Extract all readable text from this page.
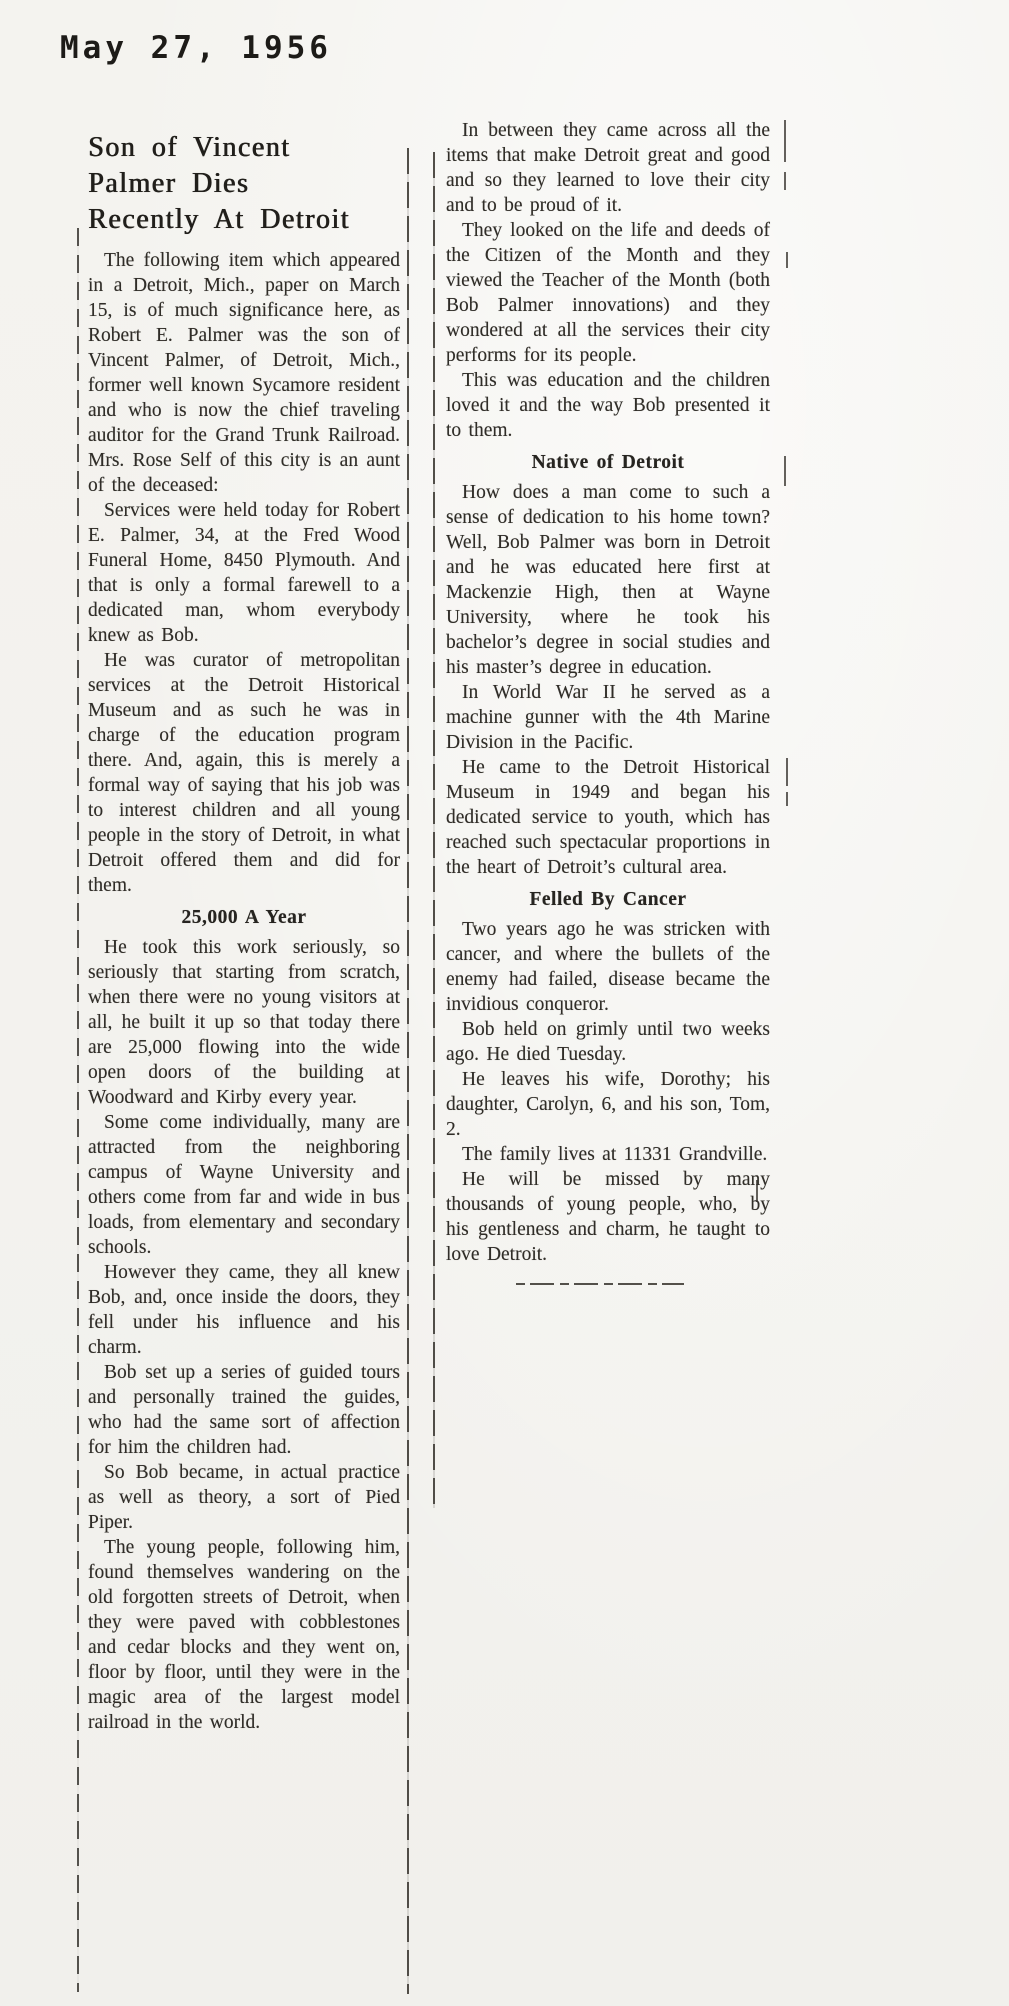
May 27, 1956
Son of Vincent
Palmer Dies
Recently At Detroit

The following item which appeared in a Detroit, Mich., paper on March 15, is of much significance here, as Robert E. Palmer was the son of Vincent Palmer, of Detroit, Mich., former well known Sycamore resident and who is now the chief traveling auditor for the Grand Trunk Railroad. Mrs. Rose Self of this city is an aunt of the deceased:

Services were held today for Robert E. Palmer, 34, at the Fred Wood Funeral Home, 8450 Plymouth. And that is only a formal farewell to a dedicated man, whom everybody knew as Bob.

He was curator of metropolitan services at the Detroit Historical Museum and as such he was in charge of the education program there. And, again, this is merely a formal way of saying that his job was to interest children and all young people in the story of Detroit, in what Detroit offered them and did for them.

25,000 A Year

He took this work seriously, so seriously that starting from scratch, when there were no young visitors at all, he built it up so that today there are 25,000 flowing into the wide open doors of the building at Woodward and Kirby every year.

Some come individually, many are attracted from the neighboring campus of Wayne University and others come from far and wide in bus loads, from elementary and secondary schools.

However they came, they all knew Bob, and, once inside the doors, they fell under his influence and his charm.

Bob set up a series of guided tours and personally trained the guides, who had the same sort of affection for him the children had.

So Bob became, in actual practice as well as theory, a sort of Pied Piper.

The young people, following him, found themselves wandering on the old forgotten streets of Detroit, when they were paved with cobblestones and cedar blocks and they went on, floor by floor, until they were in the magic area of the largest model railroad in the world.

In between they came across all the items that make Detroit great and good and so they learned to love their city and to be proud of it.

They looked on the life and deeds of the Citizen of the Month and they viewed the Teacher of the Month (both Bob Palmer innovations) and they wondered at all the services their city performs for its people.

This was education and the children loved it and the way Bob presented it to them.

Native of Detroit

How does a man come to such a sense of dedication to his home town? Well, Bob Palmer was born in Detroit and he was educated here first at Mackenzie High, then at Wayne University, where he took his bachelor’s degree in social studies and his master’s degree in education.

In World War II he served as a machine gunner with the 4th Marine Division in the Pacific.

He came to the Detroit Historical Museum in 1949 and began his dedicated service to youth, which has reached such spectacular proportions in the heart of Detroit’s cultural area.

Felled By Cancer

Two years ago he was stricken with cancer, and where the bullets of the enemy had failed, disease became the invidious conqueror.

Bob held on grimly until two weeks ago. He died Tuesday.

He leaves his wife, Dorothy; his daughter, Carolyn, 6, and his son, Tom, 2.

The family lives at 11331 Grandville.

He will be missed by many thousands of young people, who, by his gentleness and charm, he taught to love Detroit.
